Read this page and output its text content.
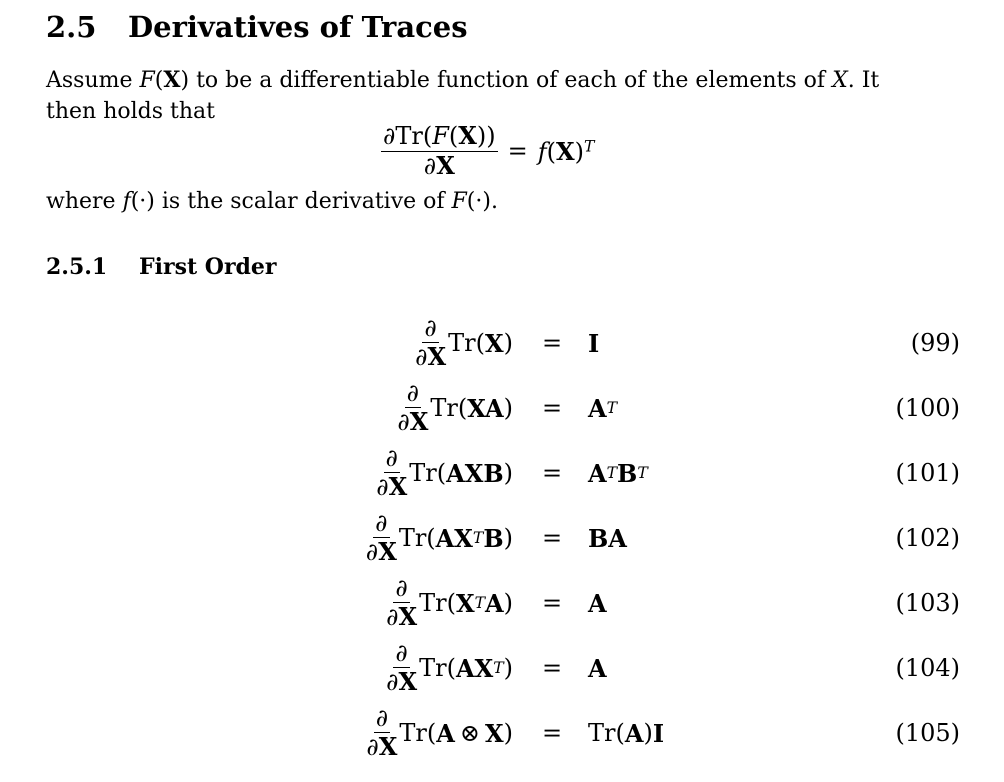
2.5 Derivatives of Traces
Assume F(X) to be a differentiable function of each of the elements of X. It
then holds that
$\frac{\partial Tr(F(X))}{\partial X} = f(X)^T$
where f(·) is the scalar derivative of F(·).
2.5.1 First Order
$\frac{\partial}{\partial X} Tr$( X ) = I	(99)
$\frac{\partial}{\partial X} Tr$( XA ) = A T	(100)
$\frac{\partial}{\partial X} Tr$( AXB ) = A T B T	(101)
$\frac{\partial}{\partial X} Tr$( AX T B ) = BA	(102)
$\frac{\partial}{\partial X} Tr$( X T A ) = A	(103)
$\frac{\partial}{\partial X} Tr$( AX T ) = A	(104)
$\frac{\partial}{\partial X} Tr$( A ⊗ X ) = Tr( A ) I	(105)
